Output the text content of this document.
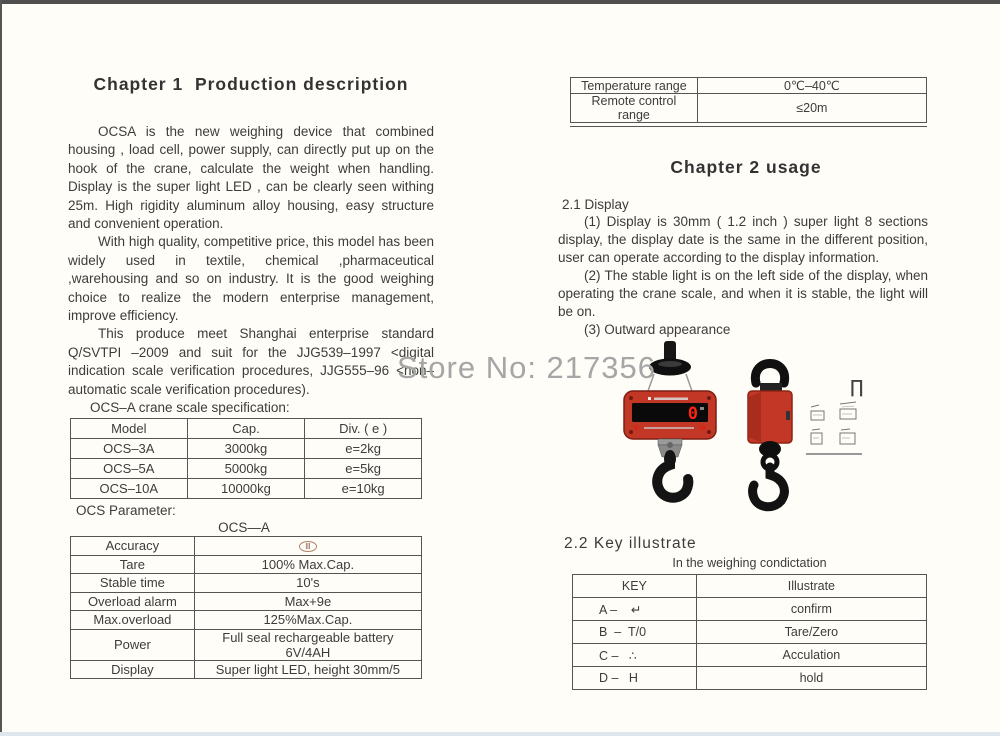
Store No: 217356
Chapter 1  Production description

OCSA is the new weighing device that combined housing , load cell, power supply, can directly put up on the hook of the crane, calculate the weight when handling. Display is the super light LED , can be clearly seen withing 25m. High rigidity aluminum alloy housing, easy structure and convenient operation.

With high quality, competitive price, this model has been widely used in textile, chemical ,pharmaceutical ,warehousing and so on industry. It is the good weighing choice to realize the modern enterprise management, improve efficiency.

This produce meet Shanghai enterprise standard Q/SVTPI –2009 and suit for the JJG539–1997 <digital indication scale verification procedures, JJG555–96 <non–automatic scale verification procedures).

OCS–A crane scale specification:

Model	Cap.	Div. ( e )
OCS–3A	3000kg	e=2kg
OCS–5A	5000kg	e=5kg
OCS–10A	10000kg	e=10kg

OCS Parameter:

OCS—A

Accuracy	Ⅲ
Tare	100% Max.Cap.
Stable time	10's
Overload alarm	Max+9e
Max.overload	125%Max.Cap.
Power	Full seal rechargeable battery 6V/4AH
Display	Super light LED, height 30mm/5
Temperature range	0℃–40℃
Remote control range	≤20m
Chapter 2 usage

2.1 Display

(1) Display is 30mm ( 1.2 inch ) super light 8 sections display, the display date is the same in the different position, user can operate according to the display information.

(2) The stable light is on the left side of the display, when operating the crane scale, and when it is stable, the light will be on.

(3) Outward appearance

0
∏

2.2 Key illustrate

In the weighing condictation

KEY	Illustrate
A –    ↵	confirm
B  –  T/0	Tare/Zero
C –   ∴	Acculation
D –   H	hold
